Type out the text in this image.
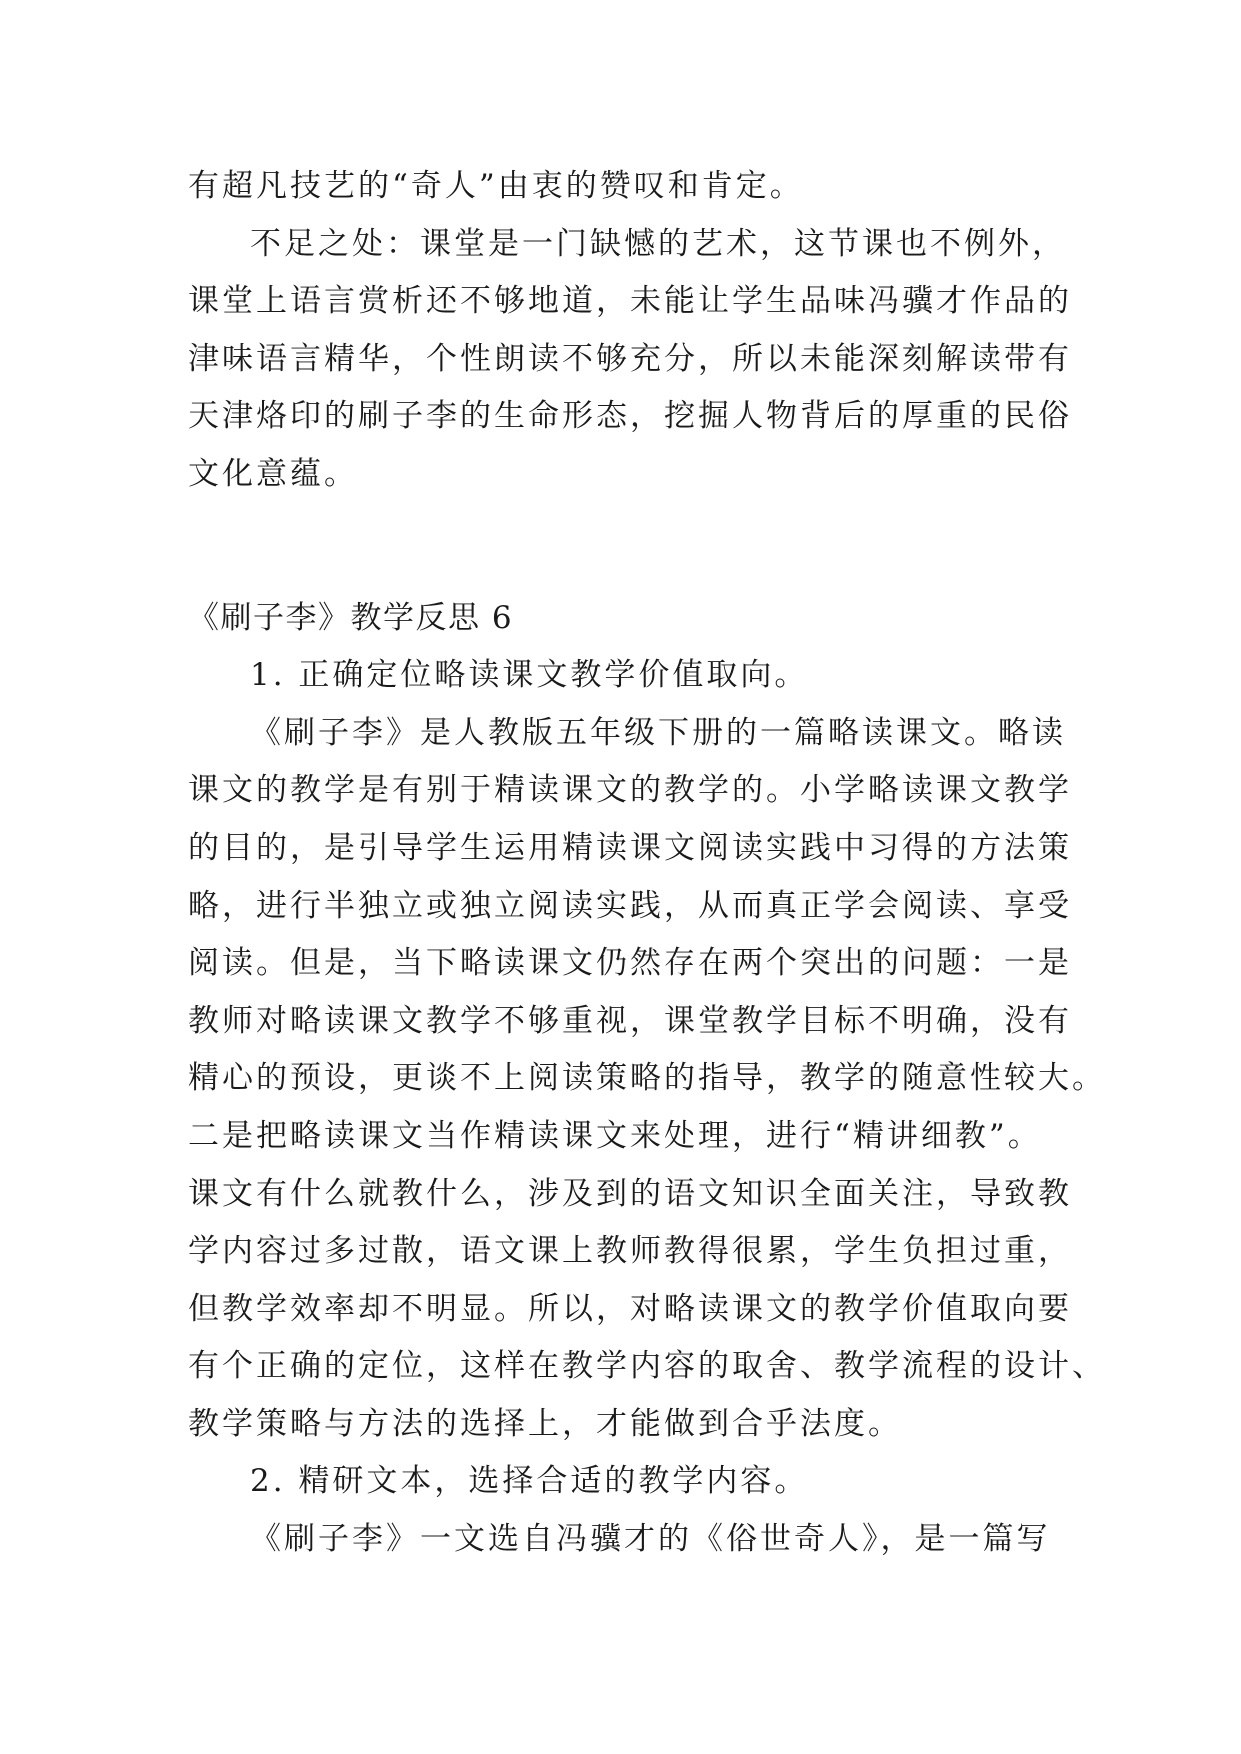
有超凡技艺的“奇人”由衷的赞叹和肯定。
不足之处：课堂是一门缺憾的艺术，这节课也不例外，
课堂上语言赏析还不够地道，未能让学生品味冯骥才作品的
津味语言精华，个性朗读不够充分，所以未能深刻解读带有
天津烙印的刷子李的生命形态，挖掘人物背后的厚重的民俗
文化意蕴。
《刷子李》教学反思 6
1. 正确定位略读课文教学价值取向。
《刷子李》是人教版五年级下册的一篇略读课文。略读
课文的教学是有别于精读课文的教学的。小学略读课文教学
的目的，是引导学生运用精读课文阅读实践中习得的方法策
略，进行半独立或独立阅读实践，从而真正学会阅读、享受
阅读。但是，当下略读课文仍然存在两个突出的问题：一是
教师对略读课文教学不够重视，课堂教学目标不明确，没有
精心的预设，更谈不上阅读策略的指导，教学的随意性较大。
二是把略读课文当作精读课文来处理，进行“精讲细教”。
课文有什么就教什么，涉及到的语文知识全面关注，导致教
学内容过多过散，语文课上教师教得很累，学生负担过重，
但教学效率却不明显。所以，对略读课文的教学价值取向要
有个正确的定位，这样在教学内容的取舍、教学流程的设计、
教学策略与方法的选择上，才能做到合乎法度。
2. 精研文本，选择合适的教学内容。
《刷子李》一文选自冯骥才的《俗世奇人》，是一篇写
